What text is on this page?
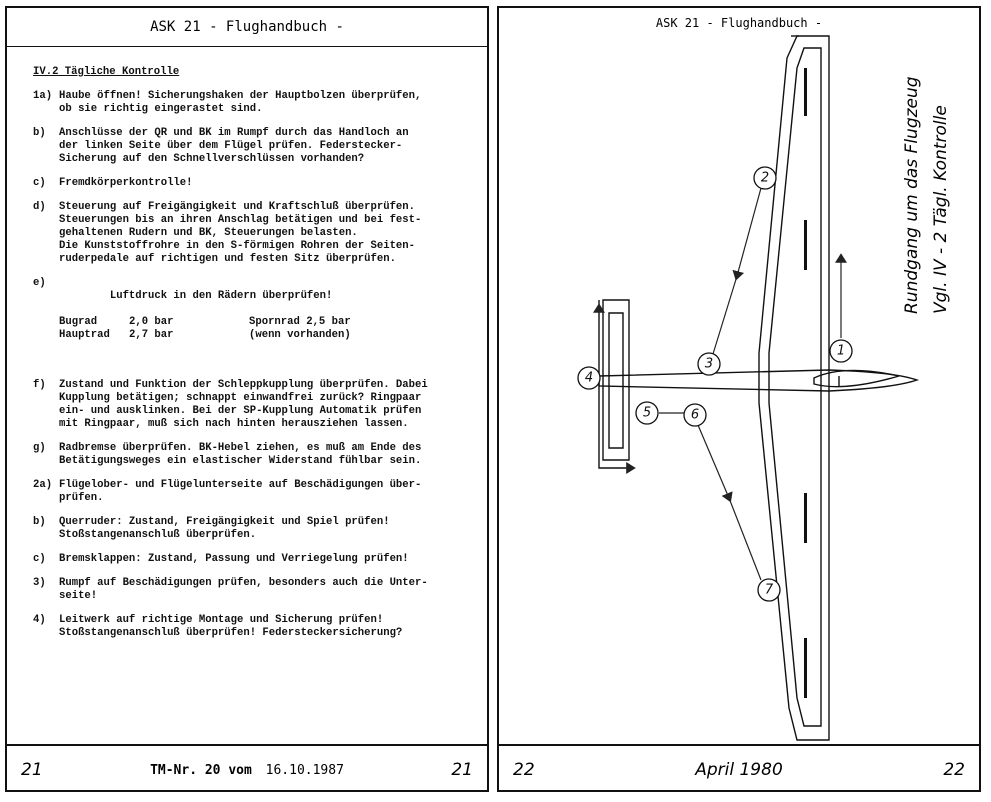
ASK 21 - Flughandbuch -
IV.2 Tägliche Kontrolle
1a) Haube öffnen! Sicherungshaken der Hauptbolzen überprüfen,
ob sie richtig eingerastet sind.
b)	Anschlüsse der QR und BK im Rumpf durch das Handloch an
der linken Seite über dem Flügel prüfen. Federstecker-
Sicherung auf den Schnellverschlüssen vorhanden?
c)	Fremdkörperkontrolle!
d)	Steuerung auf Freigängigkeit und Kraftschluß überprüfen.
Steuerungen bis an ihren Anschlag betätigen und bei fest-
gehaltenen Rudern und BK, Steuerungen belasten.
Die Kunststoffrohre in den S-förmigen Rohren der Seiten-
ruderpedale auf richtigen und festen Sitz überprüfen.
e)

Luftdruck in den Rädern überprüfen!

Bugrad	2,0 bar	Spornrad 2,5 bar
Hauptrad	2,7 bar	(wenn vorhanden)

f)	Zustand und Funktion der Schleppkupplung überprüfen. Dabei
Kupplung betätigen; schnappt einwandfrei zurück? Ringpaar
ein- und ausklinken. Bei der SP-Kupplung Automatik prüfen
mit Ringpaar, muß sich nach hinten herausziehen lassen.
g)	Radbremse überprüfen. BK-Hebel ziehen, es muß am Ende des
Betätigungsweges ein elastischer Widerstand fühlbar sein.
2a) Flügelober- und Flügelunterseite auf Beschädigungen über-
prüfen.
b)	Querruder: Zustand, Freigängigkeit und Spiel prüfen!
Stoßstangenanschluß überprüfen.
c)	Bremsklappen: Zustand, Passung und Verriegelung prüfen!
3)	Rumpf auf Beschädigungen prüfen, besonders auch die Unter-
seite!
4)	Leitwerk auf richtige Montage und Sicherung prüfen!
Stoßstangenanschluß überprüfen! Federsteckersicherung?
21	TM-Nr. 20 vom 16.10.1987	21
ASK 21 - Flughandbuch -
1
2
3
4
5	6
7
Rundgang um das Flugzeug Vgl. IV - 2 Tägl. Kontrolle
22	April 1980	22
